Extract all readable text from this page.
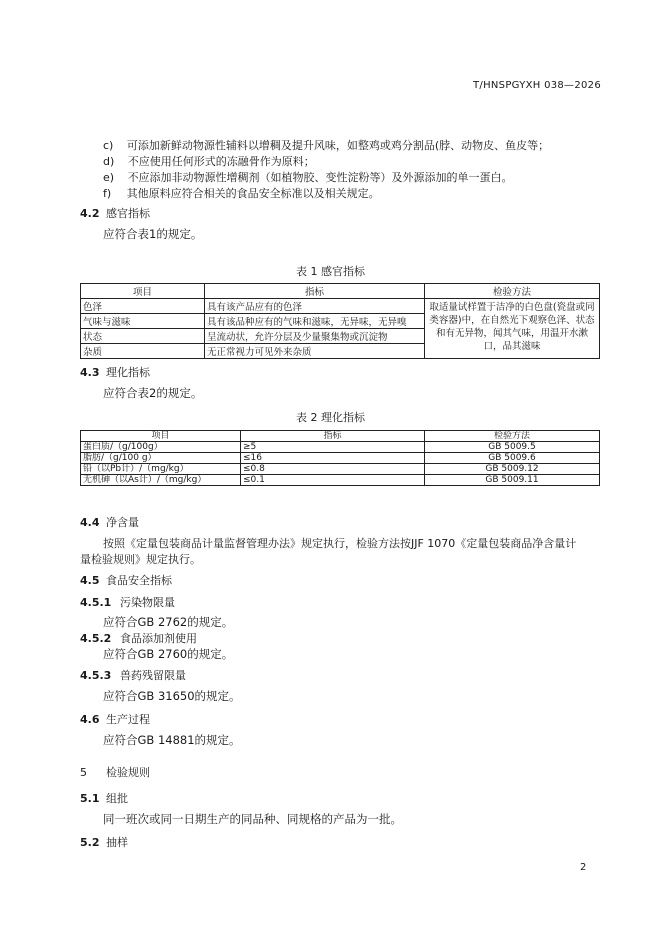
T/HNSPGYXH 038—2026
c) 可添加新鲜动物源性辅料以增稠及提升风味，如整鸡或鸡分割品(脖、动物皮、鱼皮等；
d) 不应使用任何形式的冻融骨作为原料；
e) 不应添加非动物源性增稠剂（如植物胶、变性淀粉等）及外源添加的单一蛋白。
f) 其他原料应符合相关的食品安全标准以及相关规定。
4.2 感官指标
应符合表1的规定。
表 1 感官指标
项目	指标	检验方法
色泽	具有该产品应有的色泽	取适量试样置于洁净的白色盘(瓷盘或同类容器)中，在自然光下观察色泽、状态和有无异物，闻其气味，用温开水漱口，品其滋味
气味与滋味	具有该品种应有的气味和滋味，无异味，无异嗅	
状态	呈流动状，允许分层及少量聚集物或沉淀物	
杂质	无正常视力可见外来杂质	
4.3 理化指标
应符合表2的规定。
表 2 理化指标
项目	指标	检验方法
蛋白质/（g/100g）	≥5	GB 5009.5
脂肪/（g/100 g）	≤16	GB 5009.6
铅（以Pb计）/（mg/kg）	≤0.8	GB 5009.12
无机砷（以As计）/（mg/kg）	≤0.1	GB 5009.11
4.4 净含量
按照《定量包装商品计量监督管理办法》规定执行，检验方法按JJF 1070《定量包装商品净含量计
量检验规则》规定执行。
4.5 食品安全指标
4.5.1 污染物限量
应符合GB 2762的规定。
4.5.2 食品添加剂使用
应符合GB 2760的规定。
4.5.3 兽药残留限量
应符合GB 31650的规定。
4.6 生产过程
应符合GB 14881的规定。
5 检验规则
5.1 组批
同一班次或同一日期生产的同品种、同规格的产品为一批。
5.2 抽样
2
